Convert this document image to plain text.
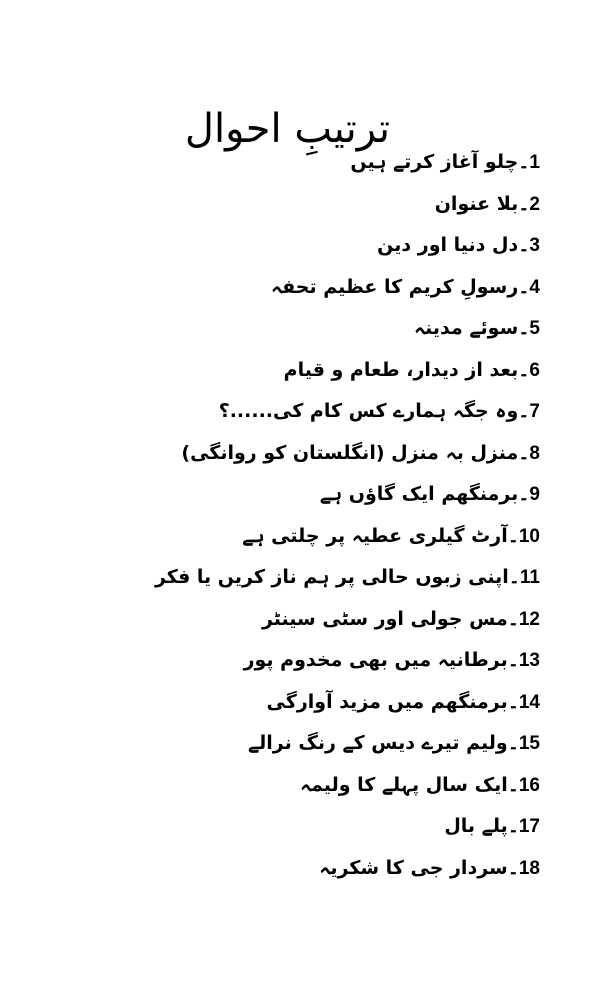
ترتیبِ احوال
1۔چلو آغاز کرتے ہیں
2۔بلا عنوان
3۔دل دنیا اور دین
4۔رسولِ کریم کا عظیم تحفہ
5۔سوئے مدینہ
6۔بعد از دیدار، طعام و قیام
7۔وہ جگہ ہمارے کس کام کی......؟
8۔منزل بہ منزل (انگلستان کو روانگی)
9۔برمنگھم ایک گاؤں ہے
10۔آرٹ گیلری عطیہ پر چلتی ہے
11۔اپنی زبوں حالی پر ہم ناز کریں یا فکر
12۔مس جولی اور سٹی سینٹر
13۔برطانیہ میں بھی مخدوم پور
14۔برمنگھم میں مزید آوارگی
15۔ولیم تیرے دیس کے رنگ نرالے
16۔ایک سال پہلے کا ولیمہ
17۔پلے بال
18۔سردار جی کا شکریہ
